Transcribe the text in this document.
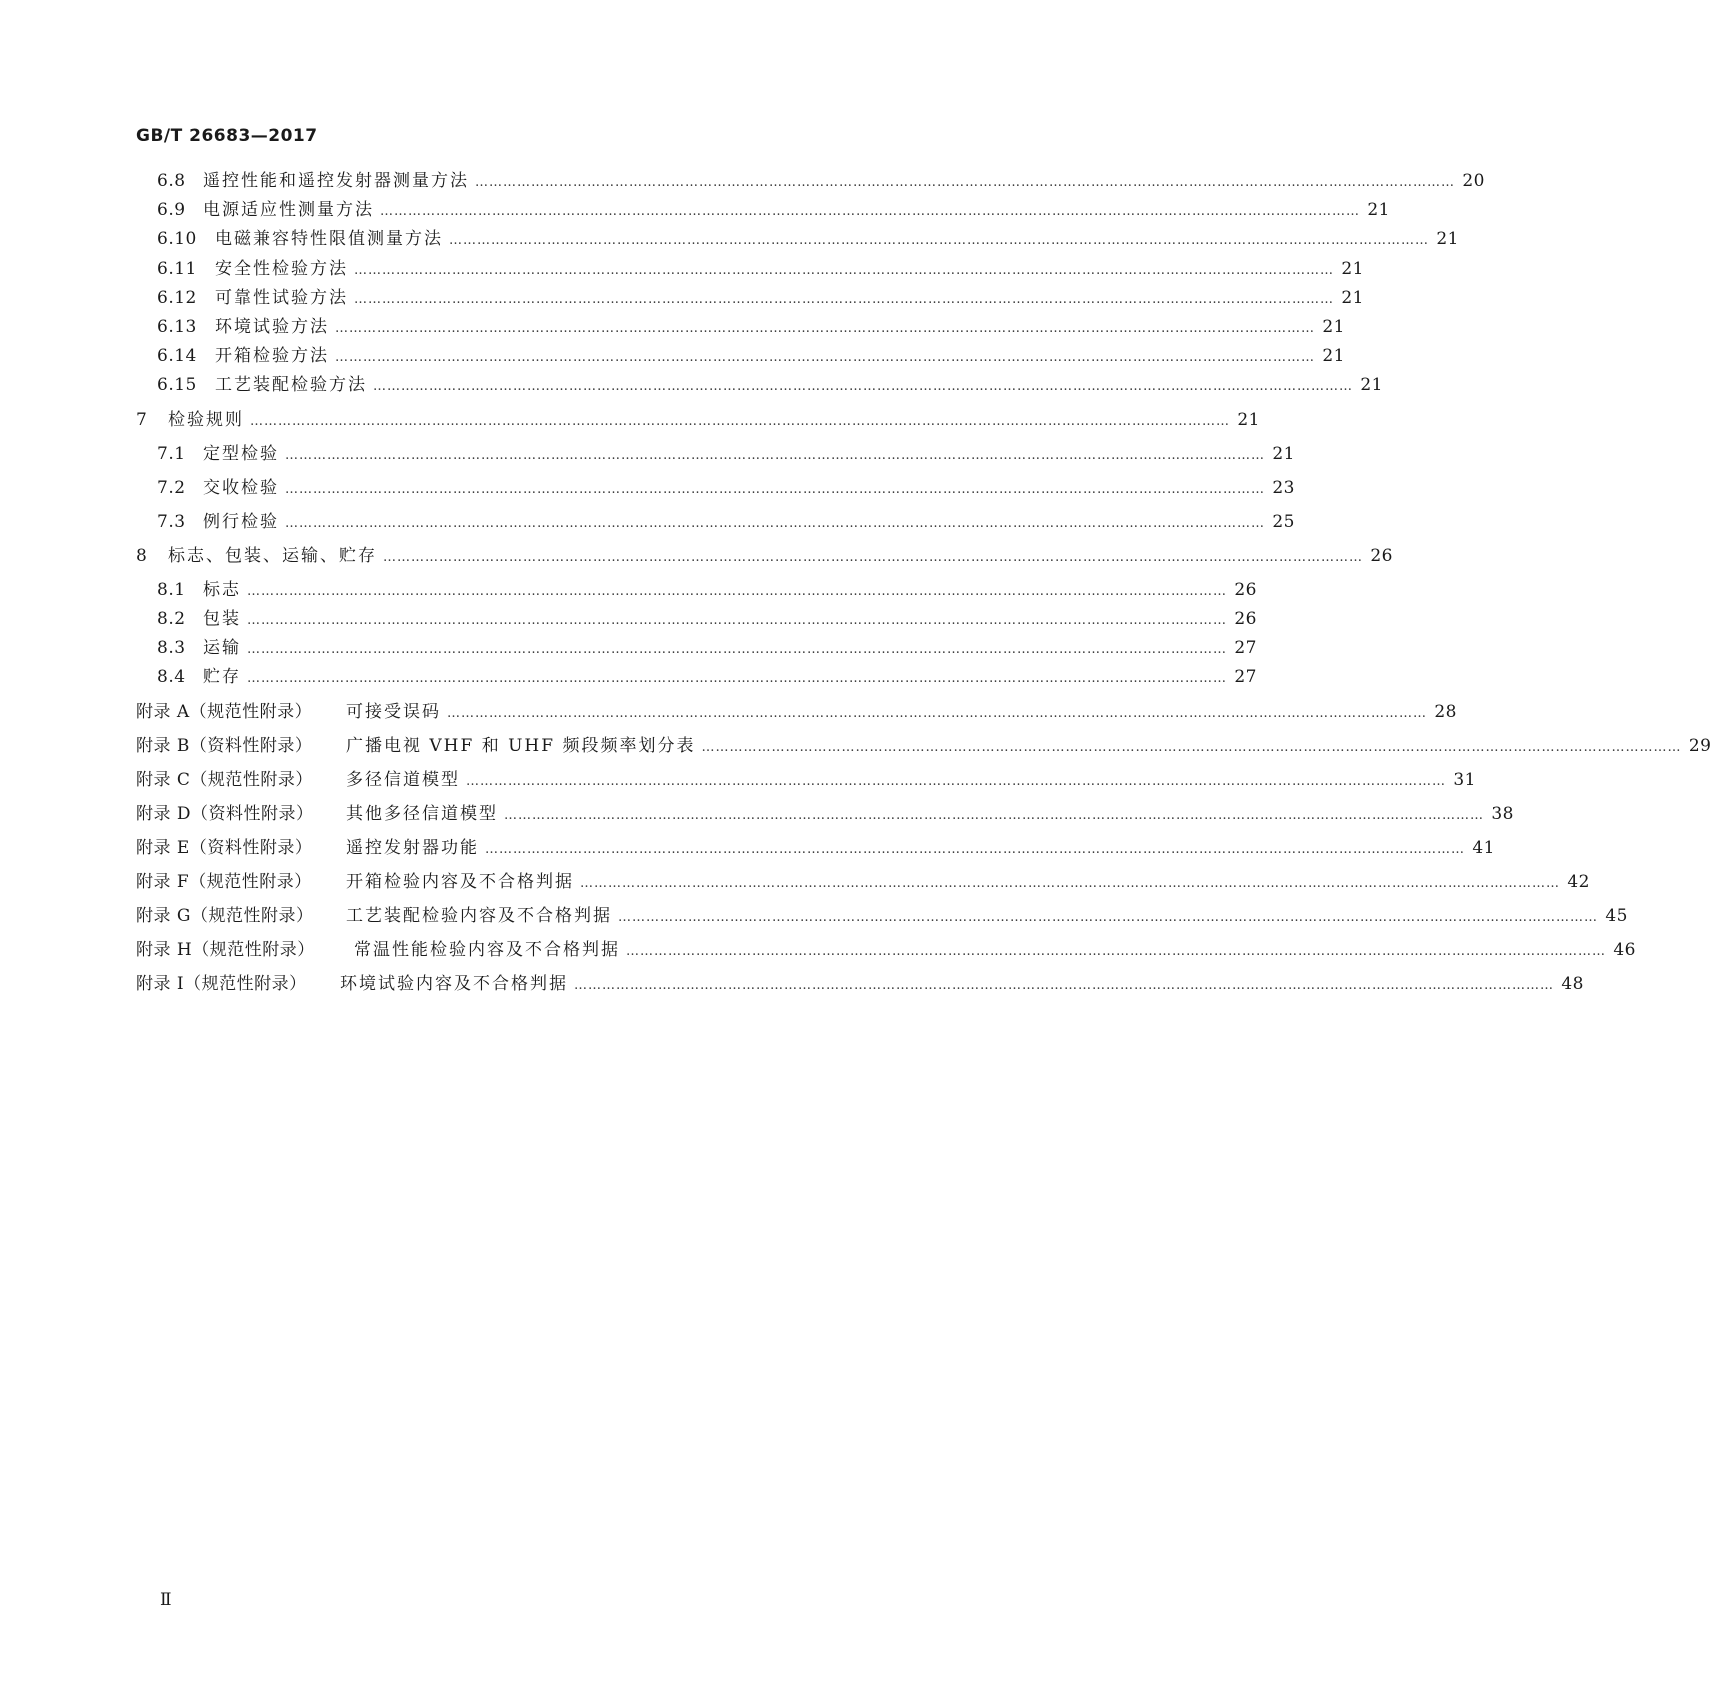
GB/T 26683—2017
6.8	遥控性能和遥控发射器测量方法 ………………………………………………………………………………………………………………………………………………………………………………………… 20
6.9	电源适应性测量方法 ………………………………………………………………………………………………………………………………………………………………………………………… 21
6.10	电磁兼容特性限值测量方法 ………………………………………………………………………………………………………………………………………………………………………………………… 21
6.11	安全性检验方法 ………………………………………………………………………………………………………………………………………………………………………………………… 21
6.12	可靠性试验方法 ………………………………………………………………………………………………………………………………………………………………………………………… 21
6.13	环境试验方法 ………………………………………………………………………………………………………………………………………………………………………………………… 21
6.14	开箱检验方法 ………………………………………………………………………………………………………………………………………………………………………………………… 21
6.15	工艺装配检验方法 ………………………………………………………………………………………………………………………………………………………………………………………… 21
7	检验规则 ………………………………………………………………………………………………………………………………………………………………………………………… 21
7.1	定型检验 ………………………………………………………………………………………………………………………………………………………………………………………… 21
7.2	交收检验 ………………………………………………………………………………………………………………………………………………………………………………………… 23
7.3	例行检验 ………………………………………………………………………………………………………………………………………………………………………………………… 25
8	标志、包装、运输、贮存 ………………………………………………………………………………………………………………………………………………………………………………………… 26
8.1	标志 ………………………………………………………………………………………………………………………………………………………………………………………… 26
8.2	包装 ………………………………………………………………………………………………………………………………………………………………………………………… 26
8.3	运输 ………………………………………………………………………………………………………………………………………………………………………………………… 27
8.4	贮存 ………………………………………………………………………………………………………………………………………………………………………………………… 27
附录 A（规范性附录）	可接受误码 ………………………………………………………………………………………………………………………………………………………………………………………… 28
附录 B（资料性附录）	广播电视 VHF 和 UHF 频段频率划分表 ………………………………………………………………………………………………………………………………………………………………………………………… 29
附录 C（规范性附录）	多径信道模型 ………………………………………………………………………………………………………………………………………………………………………………………… 31
附录 D（资料性附录）	其他多径信道模型 ………………………………………………………………………………………………………………………………………………………………………………………… 38
附录 E（资料性附录）	遥控发射器功能 ………………………………………………………………………………………………………………………………………………………………………………………… 41
附录 F（规范性附录）	开箱检验内容及不合格判据 ………………………………………………………………………………………………………………………………………………………………………………………… 42
附录 G（规范性附录）	工艺装配检验内容及不合格判据 ………………………………………………………………………………………………………………………………………………………………………………………… 45
附录 H（规范性附录）	常温性能检验内容及不合格判据 ………………………………………………………………………………………………………………………………………………………………………………………… 46
附录 I（规范性附录）	环境试验内容及不合格判据 ………………………………………………………………………………………………………………………………………………………………………………………… 48
Ⅱ
